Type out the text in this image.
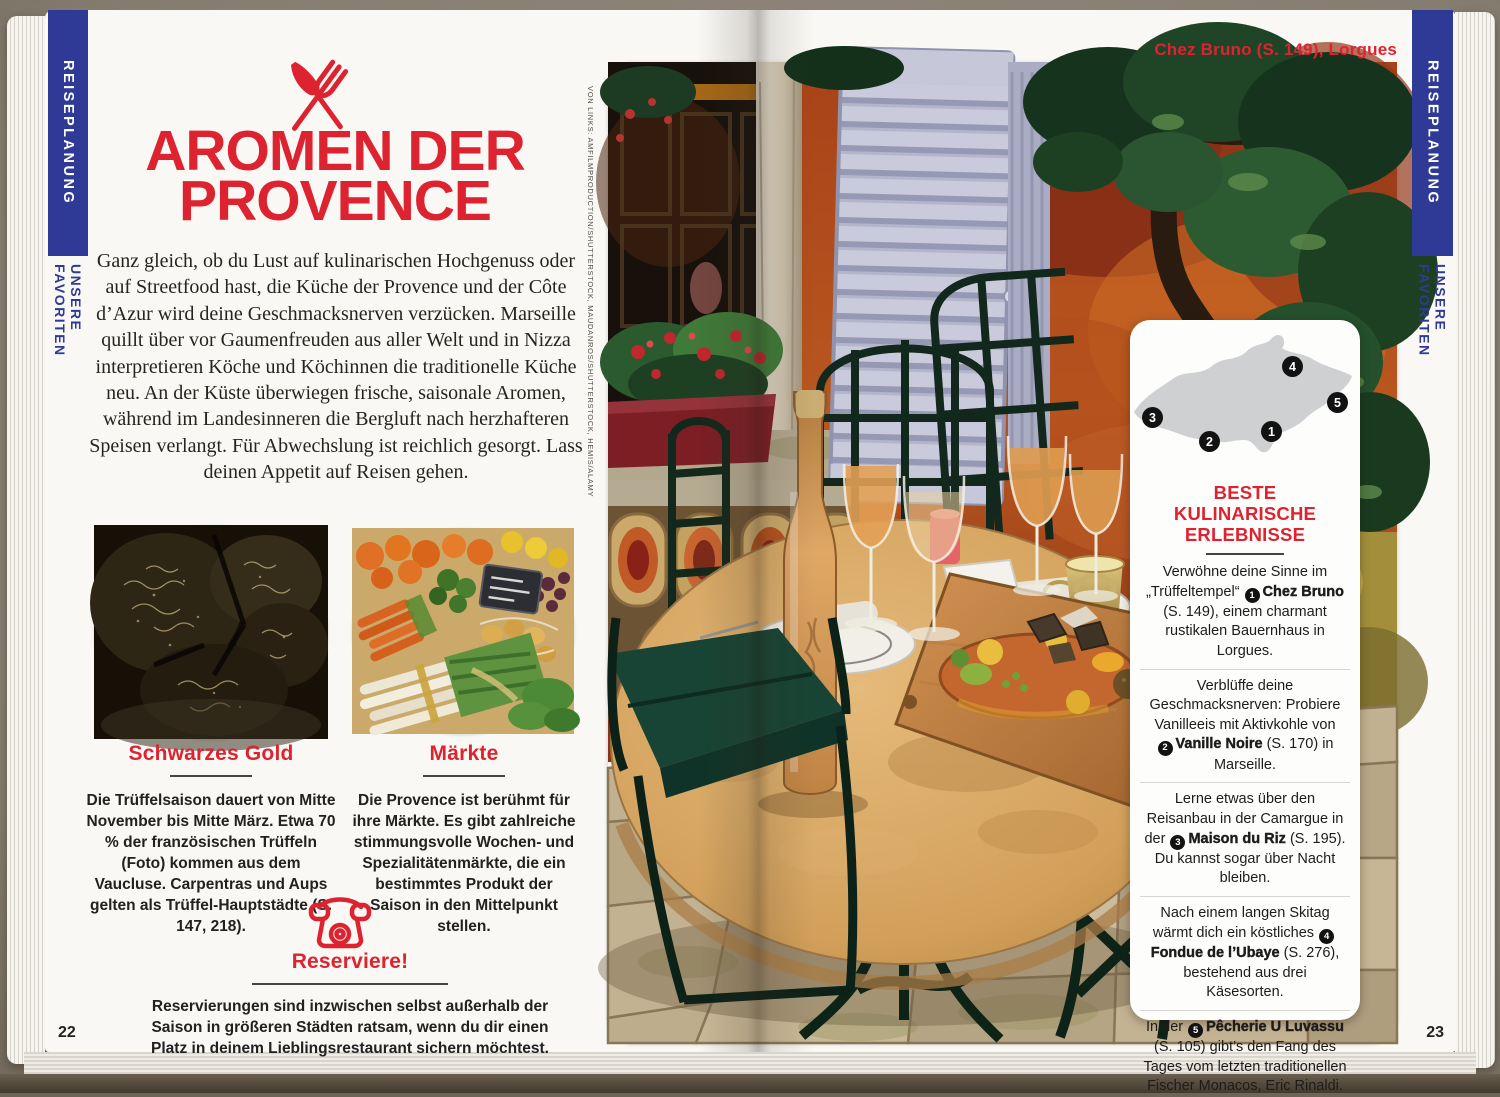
REISEPLANUNG
UNSERE FAVORITEN
AROMEN DER
PROVENCE
Ganz gleich, ob du Lust auf kulinarischen Hochgenuss oder auf Streetfood hast, die Küche der Provence und der Côte d’Azur wird deine Geschmacksnerven verzücken. Marseille quillt über vor Gaumenfreuden aus aller Welt und in Nizza interpretieren Köche und Köchinnen die traditionelle Küche neu. An der Küste überwiegen frische, saisonale Aromen, während im Landesinneren die Bergluft nach herzhafteren Speisen verlangt. Für Abwechslung ist reichlich gesorgt. Lass deinen Appetit auf Reisen gehen.
Schwarzes Gold
Die Trüffelsaison dauert von Mitte November bis Mitte März. Etwa 70 % der französischen Trüffeln (Foto) kommen aus dem Vaucluse. Carpentras und Aups gelten als Trüffel-Hauptstädte (S. 147, 218).
Märkte
Die Provence ist berühmt für ihre Märkte. Es gibt zahlreiche stimmungsvolle Wochen- und Spezialitätenmärkte, die ein bestimmtes Produkt der Saison in den Mittelpunkt stellen.
Reserviere!
Reservierungen sind inzwischen selbst außerhalb der Saison in größeren Städten ratsam, wenn du dir einen Platz in deinem Lieblingsrestaurant sichern möchtest.
22
VON LINKS: AMFILMPRODUCTION/SHUTTERSTOCK, MAUDANROS/SHUTTERSTOCK, HEMIS/ALAMY
Chez Bruno (S. 149), Lorgues
1
2
3
4
5
BESTE KULINARISCHE
ERLEBNISSE
Verwöhne deine Sinne im „Trüffeltempel“ 1 Chez Bruno (S. 149), einem charmant rustikalen Bauernhaus in Lorgues.
Verblüffe deine Geschmacksnerven: Probiere Vanilleeis mit Aktivkohle von 2 Vanille Noire (S. 170) in Marseille.
Lerne etwas über den Reisanbau in der Camargue in der 3 Maison du Riz (S. 195). Du kannst sogar über Nacht bleiben.
Nach einem langen Skitag wärmt dich ein köstliches 4Fondue de l’Ubaye (S. 276), bestehend aus drei Käsesorten.
In der 5 Pêcherie U Luvassu (S. 105) gibt’s den Fang des Tages vom letzten traditionellen Fischer Monacos, Eric Rinaldi.
REISEPLANUNG
UNSERE FAVORITEN
23
